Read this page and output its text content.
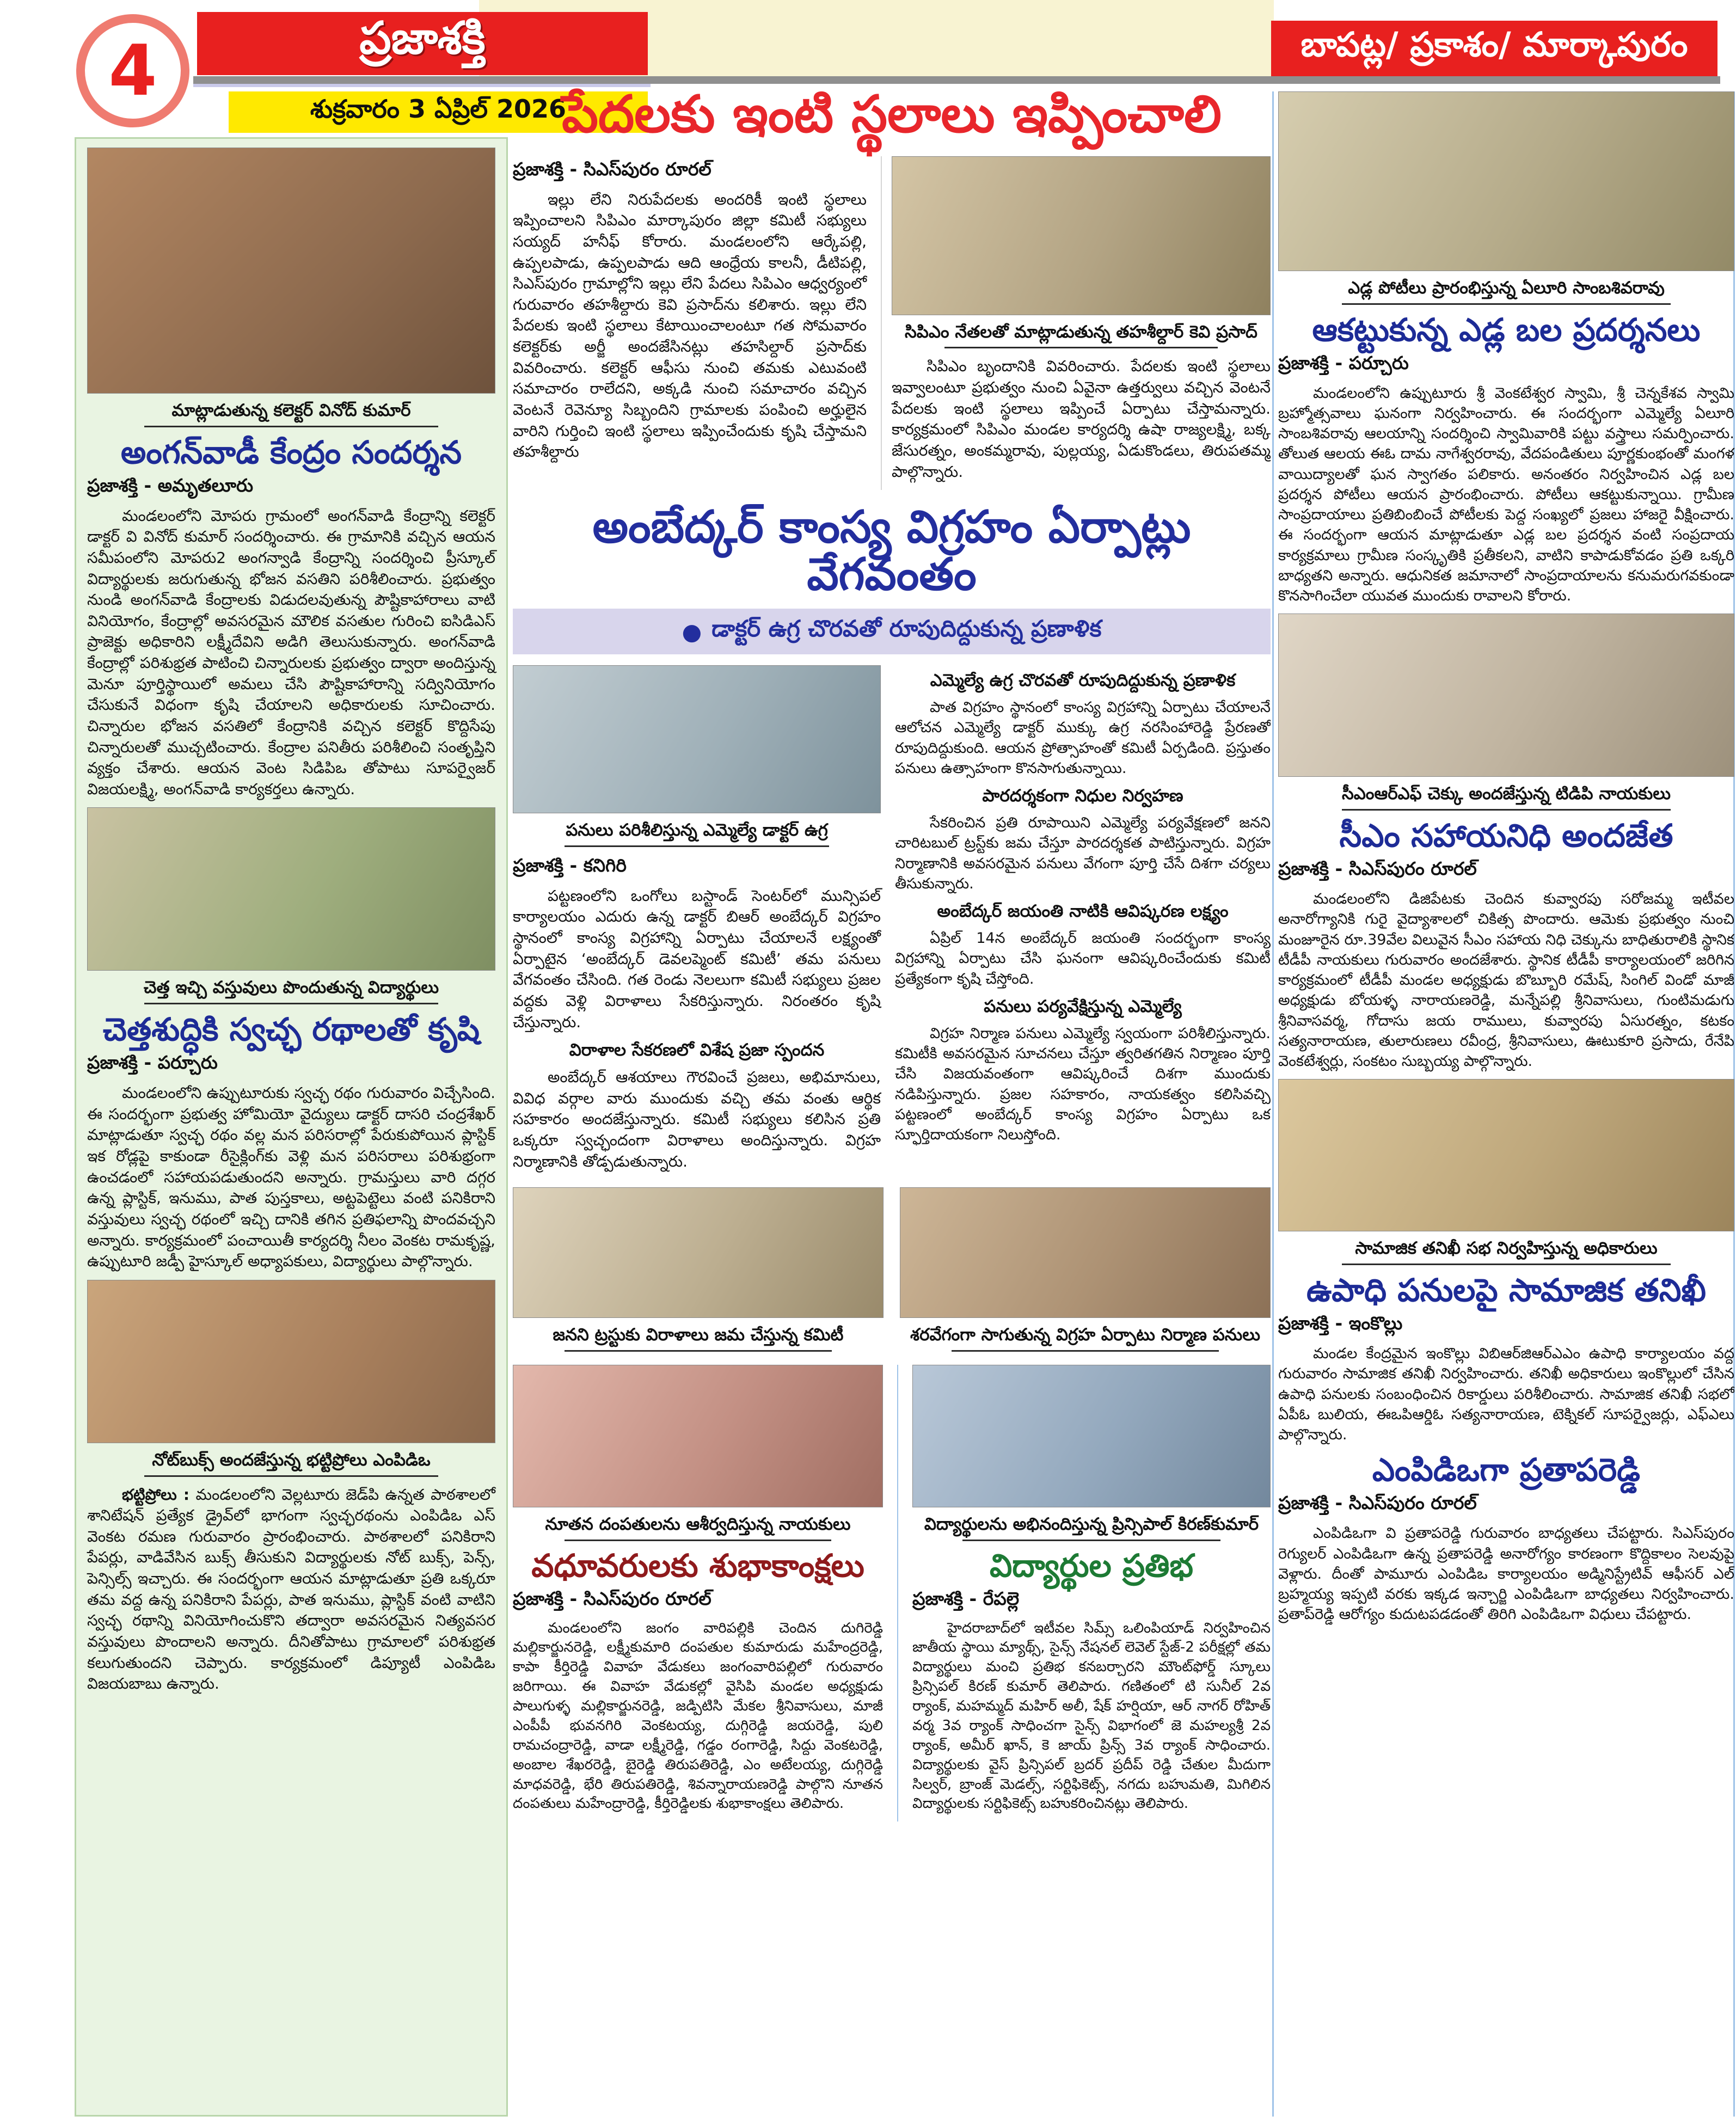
4	ప్రజాశక్తి
శుక్రవారం 3 ఏప్రిల్ 2026
బాపట్ల/ ప్రకాశం/ మార్కాపురం
మాట్లాడుతున్న కలెక్టర్ వినోద్ కుమార్
అంగన్‌వాడీ కేంద్రం సందర్శన
ప్రజాశక్తి - అమృతలూరు

మండలంలోని మోపరు గ్రామంలో అంగన్‌వాడి కేంద్రాన్ని కలెక్టర్ డాక్టర్ వి వినోద్ కుమార్ సందర్శించారు. ఈ గ్రామానికి వచ్చిన ఆయన సమీపంలోని మోపరు2 అంగన్వాడి కేంద్రాన్ని సందర్శించి ప్రీస్కూల్ విద్యార్థులకు జరుగుతున్న భోజన వసతిని పరిశీలించారు. ప్రభుత్వం నుండి అంగన్‌వాడి కేంద్రాలకు విడుదలవుతున్న పౌష్టికాహారాలు వాటి వినియోగం, కేంద్రాల్లో అవసరమైన మౌలిక వసతుల గురించి ఐసిడిఎస్ ప్రాజెక్టు అధికారిని లక్ష్మీదేవిని అడిగి తెలుసుకున్నారు. అంగన్‌వాడి కేంద్రాల్లో పరిశుభ్రత పాటించి చిన్నారులకు ప్రభుత్వం ద్వారా అందిస్తున్న మెనూ పూర్తిస్థాయిలో అమలు చేసి పౌష్టికాహారాన్ని సద్వినియోగం చేసుకునే విధంగా కృషి చేయాలని అధికారులకు సూచించారు. చిన్నారుల భోజన వసతిలో కేంద్రానికి వచ్చిన కలెక్టర్ కొద్దిసేపు చిన్నారులతో ముచ్చటించారు. కేంద్రాల పనితీరు పరిశీలించి సంతృప్తిని వ్యక్తం చేశారు. ఆయన వెంట సిడిపిఒ తోపాటు సూపర్వైజర్ విజయలక్ష్మి, అంగన్‌వాడి కార్యకర్తలు ఉన్నారు.

చెత్త ఇచ్చి వస్తువులు పొందుతున్న విద్యార్థులు
చెత్తశుద్ధికి స్వచ్ఛ రథాలతో కృషి
ప్రజాశక్తి - పర్చూరు

మండలంలోని ఉప్పుటూరుకు స్వచ్ఛ రథం గురువారం విచ్చేసింది. ఈ సందర్భంగా ప్రభుత్వ హోమియో వైద్యులు డాక్టర్ దాసరి చంద్రశేఖర్ మాట్లాడుతూ స్వచ్ఛ రథం వల్ల మన పరిసరాల్లో పేరుకుపోయిన ప్లాస్టిక్ ఇక రోడ్లపై కాకుండా రీసైక్లింగ్‌కు వెళ్లి మన పరిసరాలు పరిశుభ్రంగా ఉంచడంలో సహాయపడుతుందని అన్నారు. గ్రామస్తులు వారి దగ్గర ఉన్న ప్లాస్టిక్, ఇనుము, పాత పుస్తకాలు, అట్టపెట్టెలు వంటి పనికిరాని వస్తువులు స్వచ్ఛ రథంలో ఇచ్చి దానికి తగిన ప్రతిఫలాన్ని పొందవచ్చని అన్నారు. కార్యక్రమంలో పంచాయితీ కార్యదర్శి నీలం వెంకట రామకృష్ణ, ఉప్పుటూరి జడ్పీ హైస్కూల్ అధ్యాపకులు, విద్యార్థులు పాల్గొన్నారు.

నోట్‌బుక్స్ అందజేస్తున్న భట్టిప్రోలు ఎంపిడిఒ

భట్టిప్రోలు : మండలంలోని వెల్లటూరు జెడ్‌పి ఉన్నత పాఠశాలలో శానిటేషన్ ప్రత్యేక డ్రైవ్‌లో భాగంగా స్వచ్ఛరథంను ఎంపిడిఒ ఎస్ వెంకట రమణ గురువారం ప్రారంభించారు. పాఠశాలలో పనికిరాని పేపర్లు, వాడివేసిన బుక్స్ తీసుకుని విద్యార్థులకు నోట్ బుక్స్, పెన్స్, పెన్సిల్స్ ఇచ్చారు. ఈ సందర్భంగా ఆయన మాట్లాడుతూ ప్రతి ఒక్కరూ తమ వద్ద ఉన్న పనికిరాని పేపర్లు, పాత ఇనుము, ప్లాస్టిక్ వంటి వాటిని స్వచ్ఛ రథాన్ని వినియోగించుకొని తద్వారా అవసరమైన నిత్యవసర వస్తువులు పొందాలని అన్నారు. దీనితోపాటు గ్రామాలలో పరిశుభ్రత కలుగుతుందని చెప్పారు. కార్యక్రమంలో డిప్యూటీ ఎంపిడిఒ విజయబాబు ఉన్నారు.

పేదలకు ఇంటి స్థలాలు ఇప్పించాలి
ప్రజాశక్తి - సిఎస్‌పురం రూరల్

ఇల్లు లేని నిరుపేదలకు అందరికీ ఇంటి స్థలాలు ఇప్పించాలని సిపిఎం మార్కాపురం జిల్లా కమిటీ సభ్యులు సయ్యద్ హనీఫ్ కోరారు. మండలంలోని ఆర్కేపల్లి, ఉప్పలపాడు, ఉప్పలపాడు ఆది ఆంధ్రేయ కాలనీ, డీటిపల్లి, సిఎస్‌పురం గ్రామాల్లోని ఇల్లు లేని పేదలు సిపిఎం ఆధ్వర్యంలో గురువారం తహశీల్దారు కెవి ప్రసాద్‌ను కలిశారు. ఇల్లు లేని పేదలకు ఇంటి స్థలాలు కేటాయించాలంటూ గత సోమవారం కలెక్టర్‌కు అర్జీ అందజేసినట్లు తహసిల్దార్ ప్రసాద్‌కు వివరించారు. కలెక్టర్ ఆఫీసు నుంచి తమకు ఎటువంటి సమాచారం రాలేదని, అక్కడి నుంచి సమాచారం వచ్చిన వెంటనే రెవెన్యూ సిబ్బందిని గ్రామాలకు పంపించి అర్హులైన వారిని గుర్తించి ఇంటి స్థలాలు ఇప్పించేందుకు కృషి చేస్తామని తహశీల్దారు

సిపిఎం నేతలతో మాట్లాడుతున్న తహశీల్దార్ కెవి ప్రసాద్

సిపిఎం బృందానికి వివరించారు. పేదలకు ఇంటి స్థలాలు ఇవ్వాలంటూ ప్రభుత్వం నుంచి ఏవైనా ఉత్తర్వులు వచ్చిన వెంటనే పేదలకు ఇంటి స్థలాలు ఇప్పించే ఏర్పాటు చేస్తామన్నారు. కార్యక్రమంలో సిపిఎం మండల కార్యదర్శి ఉషా రాజ్యలక్ష్మి, బక్క జేసురత్నం, అంకమ్మరావు, పుల్లయ్య, ఏడుకొండలు, తిరుపతమ్మ పాల్గొన్నారు.

అంబేద్కర్ కాంస్య విగ్రహం ఏర్పాట్లు వేగవంతం
● డాక్టర్ ఉగ్ర చొరవతో రూపుదిద్దుకున్న ప్రణాళిక
పనులు పరిశీలిస్తున్న ఎమ్మెల్యే డాక్టర్ ఉగ్ర
ప్రజాశక్తి - కనిగిరి

పట్టణంలోని ఒంగోలు బస్టాండ్ సెంటర్‌లో మున్సిపల్ కార్యాలయం ఎదురు ఉన్న డాక్టర్ బిఆర్ అంబేద్కర్ విగ్రహం స్థానంలో కాంస్య విగ్రహాన్ని ఏర్పాటు చేయాలనే లక్ష్యంతో ఏర్పాటైన ‘అంబేద్కర్ డెవలప్మెంట్ కమిటీ’ తమ పనులు వేగవంతం చేసింది. గత రెండు నెలలుగా కమిటీ సభ్యులు ప్రజల వద్దకు వెళ్లి విరాళాలు సేకరిస్తున్నారు. నిరంతరం కృషి చేస్తున్నారు.

విరాళాల సేకరణలో విశేష ప్రజా స్పందన

అంబేద్కర్ ఆశయాలు గౌరవించే ప్రజలు, అభిమానులు, వివిధ వర్గాల వారు ముందుకు వచ్చి తమ వంతు ఆర్థిక సహకారం అందజేస్తున్నారు. కమిటీ సభ్యులు కలిసిన ప్రతి ఒక్కరూ స్వచ్ఛందంగా విరాళాలు అందిస్తున్నారు. విగ్రహ నిర్మాణానికి తోడ్పడుతున్నారు.

ఎమ్మెల్యే ఉగ్ర చొరవతో రూపుదిద్దుకున్న ప్రణాళిక

పాత విగ్రహం స్థానంలో కాంస్య విగ్రహాన్ని ఏర్పాటు చేయాలనే ఆలోచన ఎమ్మెల్యే డాక్టర్ ముక్కు ఉగ్ర నరసింహారెడ్డి ప్రేరణతో రూపుదిద్దుకుంది. ఆయన ప్రోత్సాహంతో కమిటీ ఏర్పడింది. ప్రస్తుతం పనులు ఉత్సాహంగా కొనసాగుతున్నాయి.

పారదర్శకంగా నిధుల నిర్వహణ

సేకరించిన ప్రతి రూపాయిని ఎమ్మెల్యే పర్యవేక్షణలో జనని చారిటబుల్ ట్రస్ట్‌కు జమ చేస్తూ పారదర్శకత పాటిస్తున్నారు. విగ్రహ నిర్మాణానికి అవసరమైన పనులు వేగంగా పూర్తి చేసే దిశగా చర్యలు తీసుకున్నారు.

అంబేద్కర్ జయంతి నాటికి ఆవిష్కరణ లక్ష్యం

ఏప్రిల్ 14న అంబేద్కర్ జయంతి సందర్భంగా కాంస్య విగ్రహాన్ని ఏర్పాటు చేసి ఘనంగా ఆవిష్కరించేందుకు కమిటీ ప్రత్యేకంగా కృషి చేస్తోంది.

పనులు పర్యవేక్షిస్తున్న ఎమ్మెల్యే

విగ్రహ నిర్మాణ పనులు ఎమ్మెల్యే స్వయంగా పరిశీలిస్తున్నారు. కమిటీకి అవసరమైన సూచనలు చేస్తూ త్వరితగతిన నిర్మాణం పూర్తి చేసి విజయవంతంగా ఆవిష్కరించే దిశగా ముందుకు నడిపిస్తున్నారు. ప్రజల సహకారం, నాయకత్వం కలిసివచ్చి పట్టణంలో అంబేద్కర్ కాంస్య విగ్రహం ఏర్పాటు ఒక స్ఫూర్తిదాయకంగా నిలుస్తోంది.

జనని ట్రస్టుకు విరాళాలు జమ చేస్తున్న కమిటీ	శరవేగంగా సాగుతున్న విగ్రహ ఏర్పాటు నిర్మాణ పనులు
నూతన దంపతులను ఆశీర్వదిస్తున్న నాయకులు
వధూవరులకు శుభాకాంక్షలు
ప్రజాశక్తి - సిఎస్‌పురం రూరల్

మండలంలోని జంగం వారిపల్లికి చెందిన దుగిరెడ్డి మల్లికార్జునరెడ్డి, లక్ష్మీకుమారి దంపతుల కుమారుడు మహేంద్రరెడ్డి, కాపా కీర్తిరెడ్డి వివాహ వేడుకలు జంగంవారిపల్లిలో గురువారం జరిగాయి. ఈ వివాహ వేడుకల్లో వైసిపి మండల అధ్యక్షుడు పాలుగుళ్ళ మల్లికార్జునరెడ్డి, జడ్పిటిసి మేకల శ్రీనివాసులు, మాజీ ఎంపీపీ భువనగిరి వెంకటయ్య, దుగ్గిరెడ్డి జయరెడ్డి, పులి రామచంద్రారెడ్డి, వాడా లక్ష్మీరెడ్డి, గడ్డం రంగారెడ్డి, సిద్దు వెంకటరెడ్డి, అంబాల శేఖరరెడ్డి, బైరెడ్డి తిరుపతిరెడ్డి, ఎం అటేలయ్య, దుగ్గిరెడ్డి మాధవరెడ్డి, భేరి తిరుపతిరెడ్డి, శివన్నారాయణరెడ్డి పాల్గొని నూతన దంపతులు మహేంద్రారెడ్డి, కీర్తిరెడ్డిలకు శుభాకాంక్షలు తెలిపారు.

విద్యార్థులను అభినందిస్తున్న ప్రిన్సిపాల్ కిరణ్‌కుమార్
విద్యార్థుల ప్రతిభ
ప్రజాశక్తి - రేపల్లె

హైదరాబాద్‌లో ఇటీవల సిమ్స్ ఒలింపియాడ్ నిర్వహించిన జాతీయ స్థాయి మ్యాథ్స్, సైన్స్ నేషనల్ లెవెల్ స్టేజ్-2 పరీక్షల్లో తమ విద్యార్థులు మంచి ప్రతిభ కనబర్చారని మౌంట్‌ఫోర్డ్ స్కూలు ప్రిన్సిపల్ కిరణ్ కుమార్ తెలిపారు. గణితంలో టి సునీల్ 2వ ర్యాంక్, మహమ్మద్ మహిర్ అలీ, షేక్ హర్షియా, ఆర్ నాగర్ రోహిత్ వర్మ 3వ ర్యాంక్ సాధించగా సైన్స్ విభాగంలో జె మహల్యశ్రీ 2వ ర్యాంక్, అమీర్ ఖాన్, కె జాయ్ ప్రిన్స్ 3వ ర్యాంక్ సాధించారు. విద్యార్థులకు వైస్ ప్రిన్సిపల్ బ్రదర్ ప్రదీప్ రెడ్డి చేతుల మీదుగా సిల్వర్, బ్రాంజ్ మెడల్స్, సర్టిఫికెట్స్, నగదు బహుమతి, మిగిలిన విద్యార్థులకు సర్టిఫికెట్స్ బహుకరించినట్లు తెలిపారు.

ఎడ్ల పోటీలు ప్రారంభిస్తున్న ఏలూరి సాంబశివరావు
ఆకట్టుకున్న ఎడ్ల బల ప్రదర్శనలు
ప్రజాశక్తి - పర్చూరు

మండలంలోని ఉప్పుటూరు శ్రీ వెంకటేశ్వర స్వామి, శ్రీ చెన్నకేశవ స్వామి బ్రహ్మోత్సవాలు ఘనంగా నిర్వహించారు. ఈ సందర్భంగా ఎమ్మెల్యే ఏలూరి సాంబశివరావు ఆలయాన్ని సందర్శించి స్వామివారికి పట్టు వస్త్రాలు సమర్పించారు. తోలుత ఆలయ ఈఓ దామ నాగేశ్వరరావు, వేదపండితులు పూర్ణకుంభంతో మంగళ వాయిద్యాలతో ఘన స్వాగతం పలికారు. అనంతరం నిర్వహించిన ఎడ్ల బల ప్రదర్శన పోటీలు ఆయన ప్రారంభించారు. పోటీలు ఆకట్టుకున్నాయి. గ్రామీణ సాంప్రదాయాలు ప్రతిబింబించే పోటీలకు పెద్ద సంఖ్యలో ప్రజలు హాజరై వీక్షించారు. ఈ సందర్భంగా ఆయన మాట్లాడుతూ ఎడ్ల బల ప్రదర్శన వంటి సంప్రదాయ కార్యక్రమాలు గ్రామీణ సంస్కృతికి ప్రతీకలని, వాటిని కాపాడుకోవడం ప్రతి ఒక్కరి బాధ్యతని అన్నారు. ఆధునికత జమానాలో సాంప్రదాయాలను కనుమరుగవకుండా కొనసాగించేలా యువత ముందుకు రావాలని కోరారు.

సీఎంఆర్‌ఎఫ్ చెక్కు అందజేస్తున్న టిడిపి నాయకులు
సీఎం సహాయనిధి అందజేత
ప్రజాశక్తి - సిఎస్‌పురం రూరల్

మండలంలోని డిజిపేటకు చెందిన కువ్వారపు సరోజమ్మ ఇటీవల అనారోగ్యానికి గురై వైద్యాశాలలో చికిత్స పొందారు. ఆమెకు ప్రభుత్వం నుంచి మంజూరైన రూ.39వేల విలువైన సీఎం సహాయ నిధి చెక్కును బాధితురాలికి స్థానిక టీడీపీ నాయకులు గురువారం అందజేశారు. స్థానిక టీడీపీ కార్యాలయంలో జరిగిన కార్యక్రమంలో టీడీపీ మండల అధ్యక్షుడు బొబ్బూరి రమేష్, సింగిల్ విండో మాజీ అధ్యక్షుడు బోయళ్ళ నారాయణరెడ్డి, మన్నేపల్లి శ్రీనివాసులు, గుంటిమడుగు శ్రీనివాసవర్మ, గోదాసు జయ రాములు, కువ్వారపు ఏసురత్నం, కటకం సత్యనారాయణ, తులారుణలు రవీంద్ర, శ్రీనివాసులు, ఊటుకూరి ప్రసాదు, రేనేపి వెంకటేశ్వర్లు, సంకటం సుబ్బయ్య పాల్గొన్నారు.

సామాజిక తనిఖీ సభ నిర్వహిస్తున్న అధికారులు
ఉపాధి పనులపై సామాజిక తనిఖీ
ప్రజాశక్తి - ఇంకొల్లు

మండల కేంద్రమైన ఇంకొల్లు విబిఆర్‌జిఆర్‌ఎఎం ఉపాధి కార్యాలయం వద్ద గురువారం సామాజిక తనిఖీ నిర్వహించారు. తనిఖీ అధికారులు ఇంకొల్లులో చేసిన ఉపాధి పనులకు సంబంధించిన రికార్డులు పరిశీలించారు. సామాజిక తనిఖీ సభలో ఏపీఓ బులియ, ఈఒపిఆర్డిఓ సత్యనారాయణ, టెక్నికల్ సూపర్వైజర్లు, ఎఫ్ఎలు పాల్గొన్నారు.

ఎంపిడిఒగా ప్రతాపరెడ్డి
ప్రజాశక్తి - సిఎస్‌పురం రూరల్

ఎంపిడిఒగా వి ప్రతాపరెడ్డి గురువారం బాధ్యతలు చేపట్టారు. సిఎస్‌పురం రెగ్యులర్ ఎంపిడిఒగా ఉన్న ప్రతాపరెడ్డి అనారోగ్యం కారణంగా కొద్దికాలం సెలవుపై వెళ్లారు. దీంతో పామూరు ఎంపిడిఒ కార్యాలయం అడ్మినిస్ట్రేటివ్ ఆఫీసర్ ఎల్ బ్రహ్మయ్య ఇప్పటి వరకు ఇక్కడ ఇన్చార్జి ఎంపిడిఒగా బాధ్యతలు నిర్వహించారు. ప్రతాప్‌రెడ్డి ఆరోగ్యం కుదుటపడడంతో తిరిగి ఎంపిడిఒగా విధులు చేపట్టారు.
